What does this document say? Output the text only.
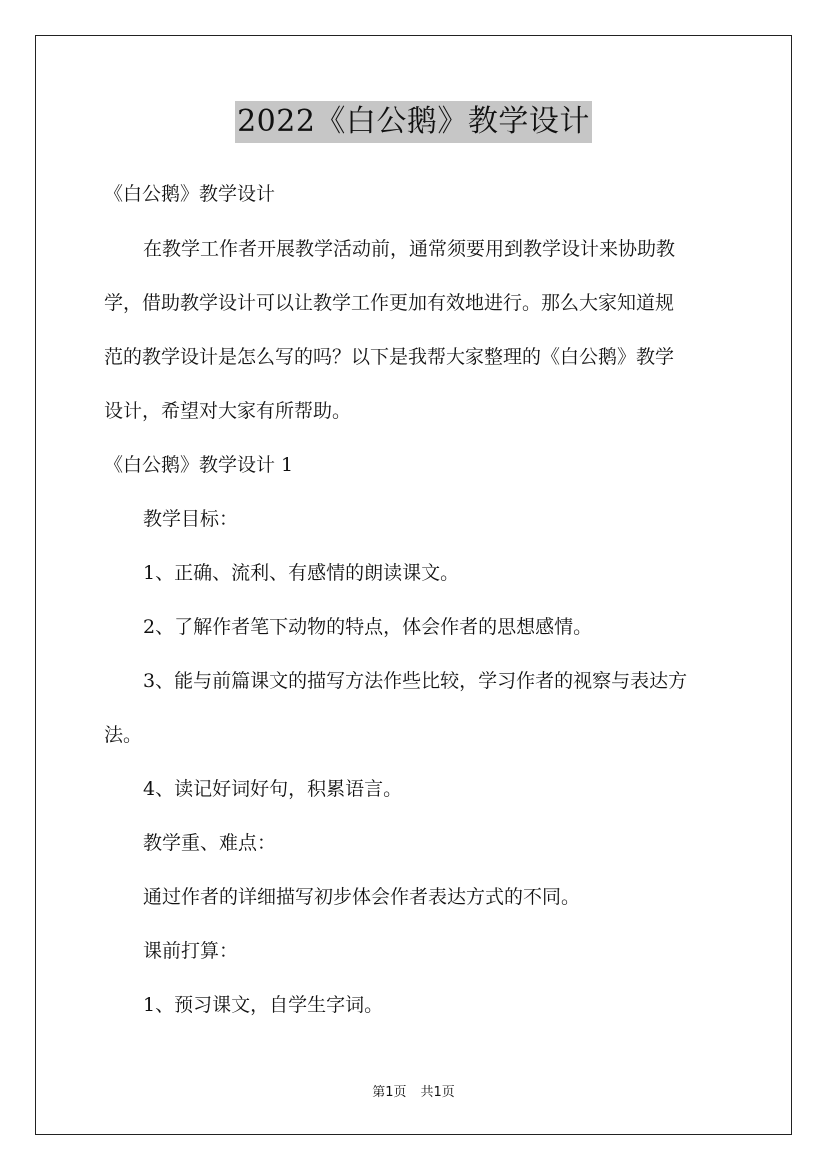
2022《白公鹅》教学设计
《白公鹅》教学设计
在教学工作者开展教学活动前，通常须要用到教学设计来协助教
学，借助教学设计可以让教学工作更加有效地进行。那么大家知道规
范的教学设计是怎么写的吗？以下是我帮大家整理的《白公鹅》教学
设计，希望对大家有所帮助。
《白公鹅》教学设计 1
教学目标：
1、正确、流利、有感情的朗读课文。
2、了解作者笔下动物的特点，体会作者的思想感情。
3、能与前篇课文的描写方法作些比较，学习作者的视察与表达方
法。
4、读记好词好句，积累语言。
教学重、难点：
通过作者的详细描写初步体会作者表达方式的不同。
课前打算：
1、预习课文，自学生字词。
第1页 共1页
